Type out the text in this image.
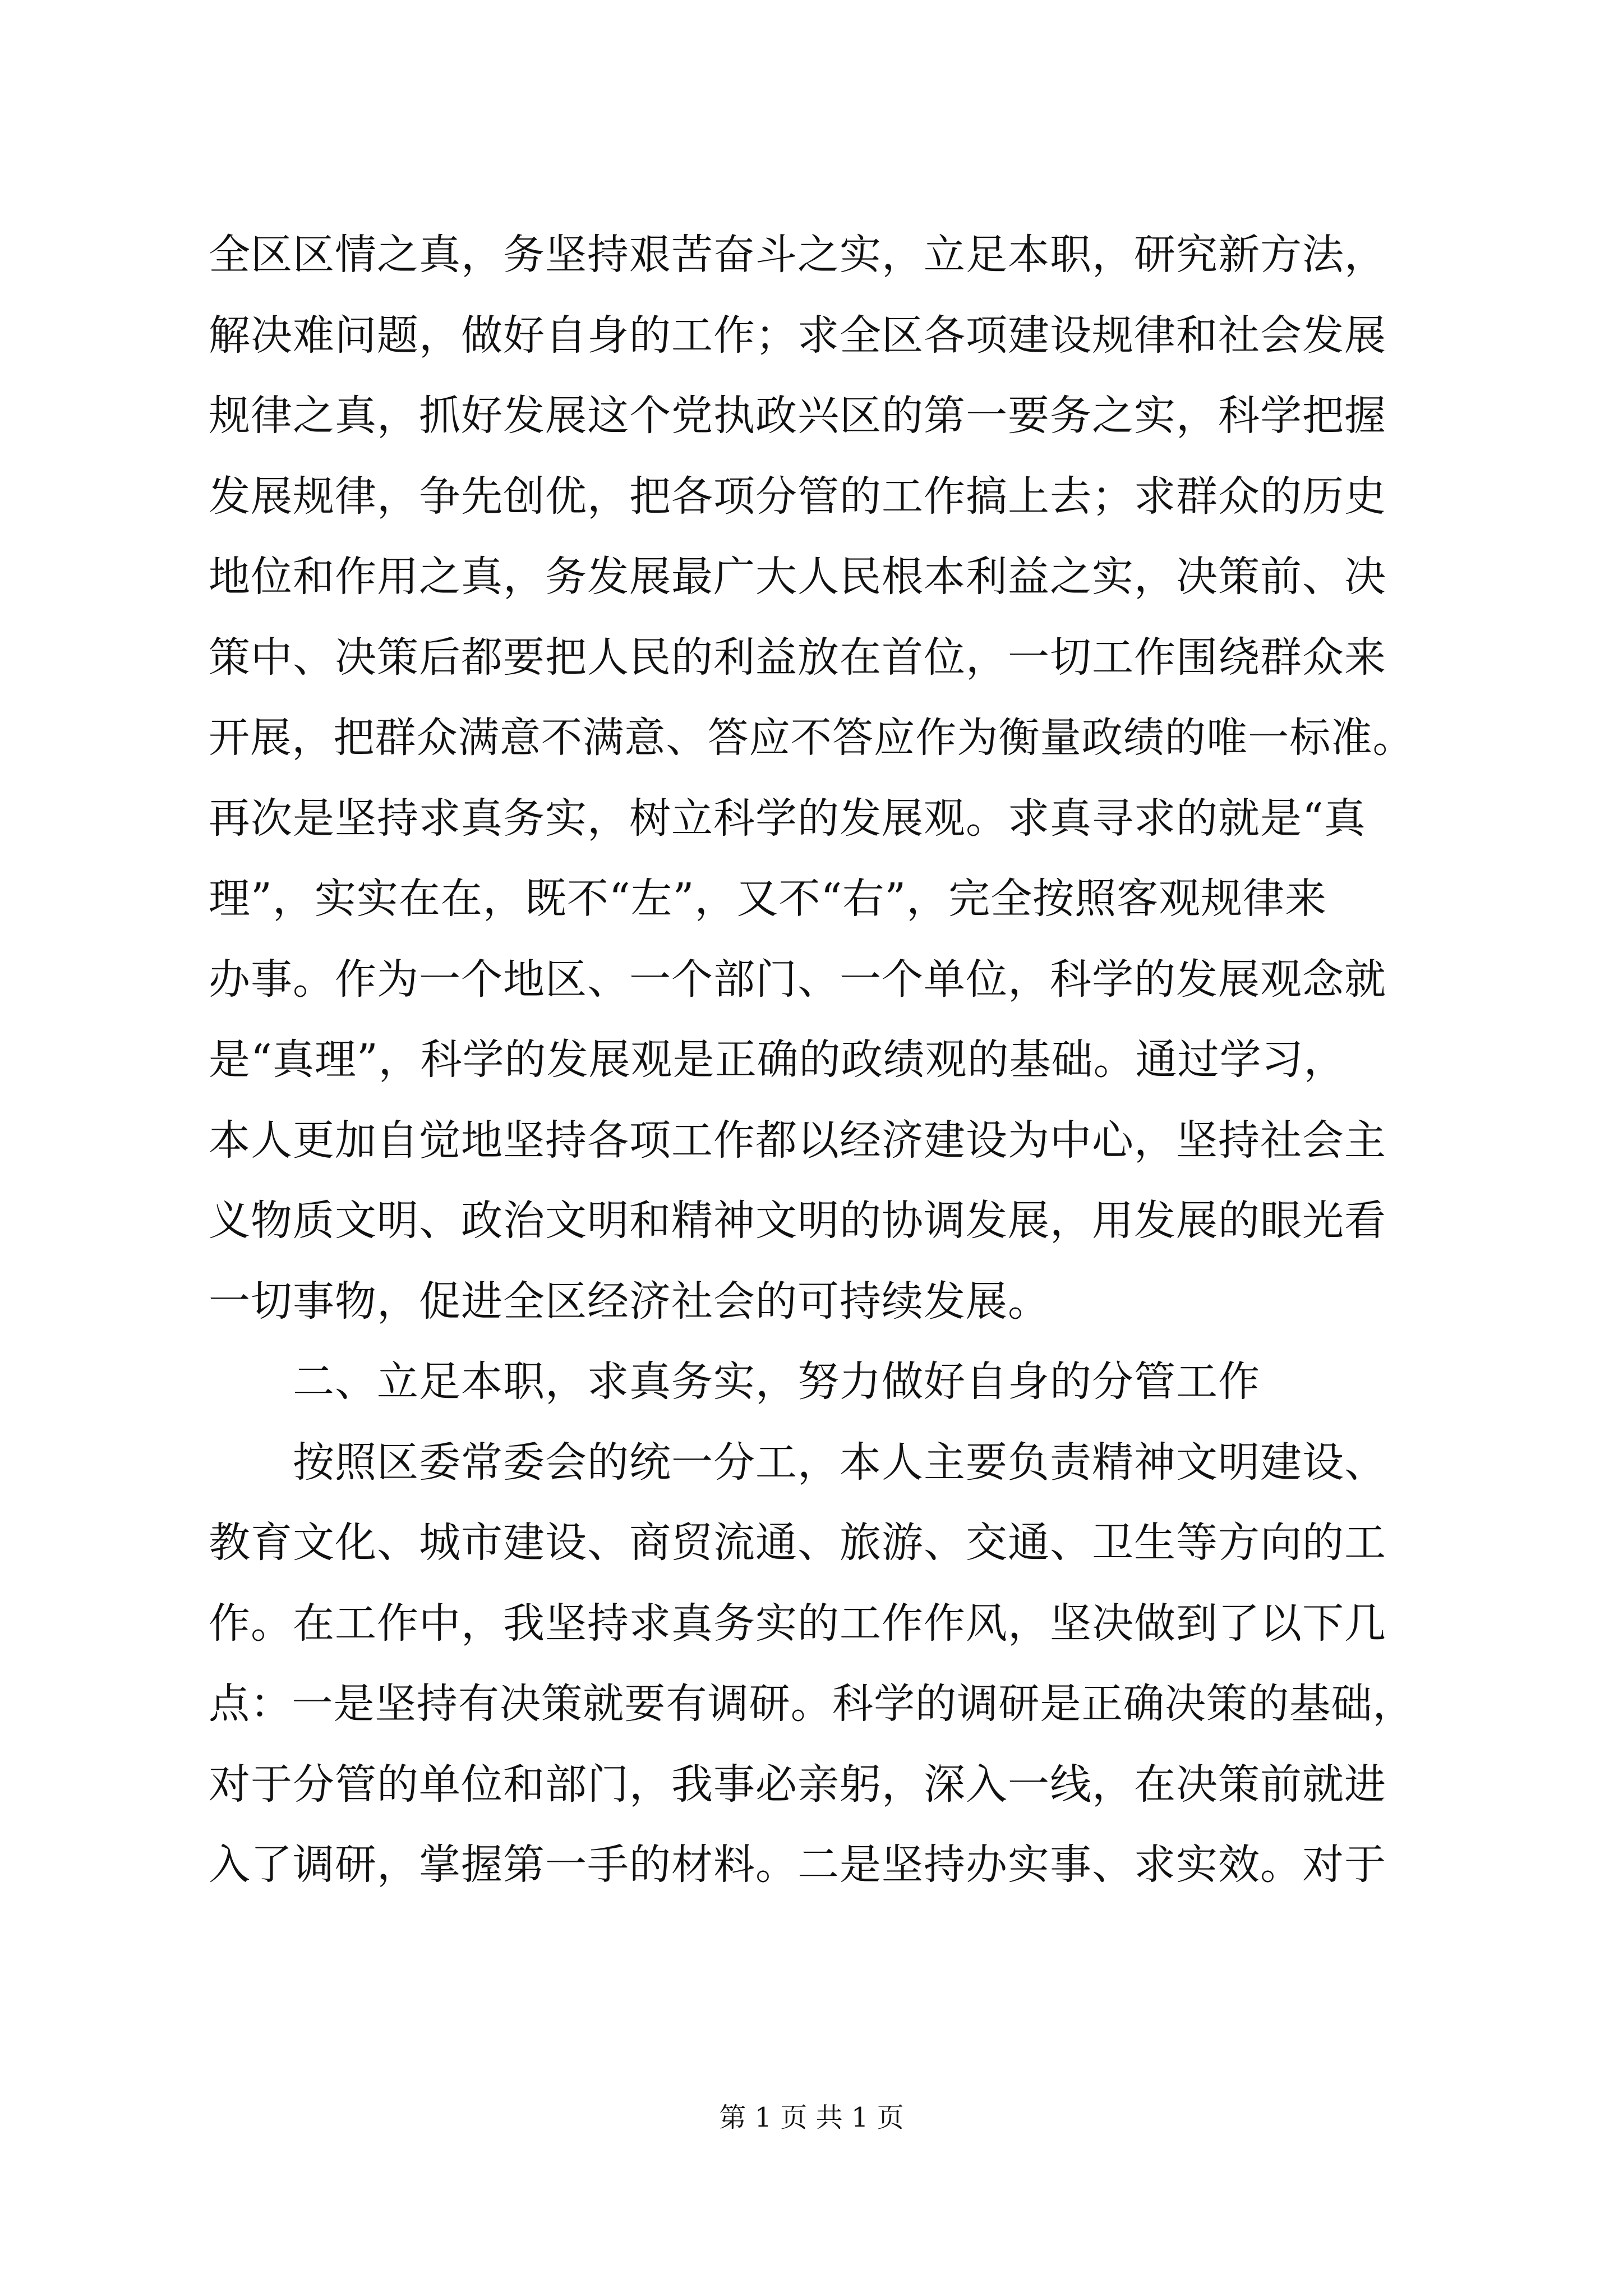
全区区情之真，务坚持艰苦奋斗之实，立足本职，研究新方法，
解决难问题，做好自身的工作；求全区各项建设规律和社会发展
规律之真，抓好发展这个党执政兴区的第一要务之实，科学把握
发展规律，争先创优，把各项分管的工作搞上去；求群众的历史
地位和作用之真，务发展最广大人民根本利益之实，决策前、决
策中、决策后都要把人民的利益放在首位，一切工作围绕群众来
开展，把群众满意不满意、答应不答应作为衡量政绩的唯一标准。
再次是坚持求真务实，树立科学的发展观。求真寻求的就是“真
理”，实实在在，既不“左”，又不“右”，完全按照客观规律来
办事。作为一个地区、一个部门、一个单位，科学的发展观念就
是“真理”，科学的发展观是正确的政绩观的基础。通过学习，
本人更加自觉地坚持各项工作都以经济建设为中心，坚持社会主
义物质文明、政治文明和精神文明的协调发展，用发展的眼光看
一切事物，促进全区经济社会的可持续发展。
　　二、立足本职，求真务实，努力做好自身的分管工作
　　按照区委常委会的统一分工，本人主要负责精神文明建设、
教育文化、城市建设、商贸流通、旅游、交通、卫生等方向的工
作。在工作中，我坚持求真务实的工作作风，坚决做到了以下几
点：一是坚持有决策就要有调研。科学的调研是正确决策的基础，
对于分管的单位和部门，我事必亲躬，深入一线，在决策前就进
入了调研，掌握第一手的材料。二是坚持办实事、求实效。对于
第 1 页 共 1 页
